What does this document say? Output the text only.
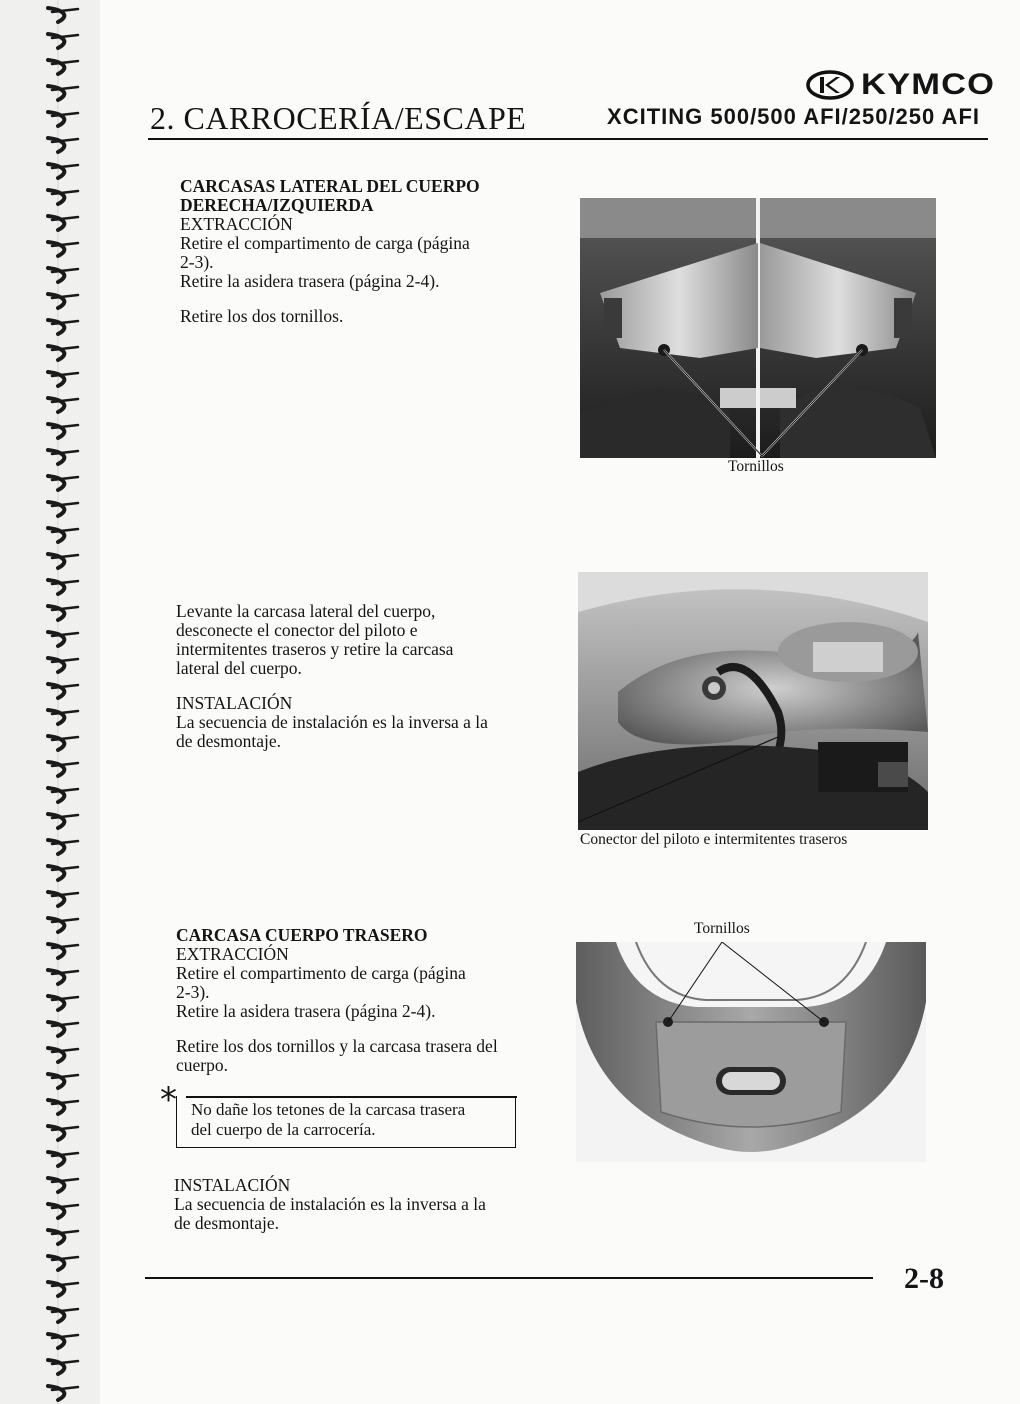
2. CARROCERÍA/ESCAPE
KYMCO
XCITING 500/500 AFI/250/250 AFI

CARCASAS LATERAL DEL CUERPO

DERECHA/IZQUIERDA

EXTRACCIÓN

Retire el compartimento de carga (página

2-3).

Retire la asidera trasera (página 2-4).

Retire los dos tornillos.

Tornillos

Levante la carcasa lateral del cuerpo,

desconecte el conector del piloto e

intermitentes traseros y retire la carcasa

lateral del cuerpo.

INSTALACIÓN

La secuencia de instalación es la inversa a la

de desmontaje.

Conector del piloto e intermitentes traseros

CARCASA CUERPO TRASERO

EXTRACCIÓN

Retire el compartimento de carga (página

2-3).

Retire la asidera trasera (página 2-4).

Retire los dos tornillos y la carcasa trasera del

cuerpo.

* No dañe los tetones de la carcasa trasera
del cuerpo de la carrocería.

INSTALACIÓN

La secuencia de instalación es la inversa a la

de desmontaje.

Tornillos
2-8
